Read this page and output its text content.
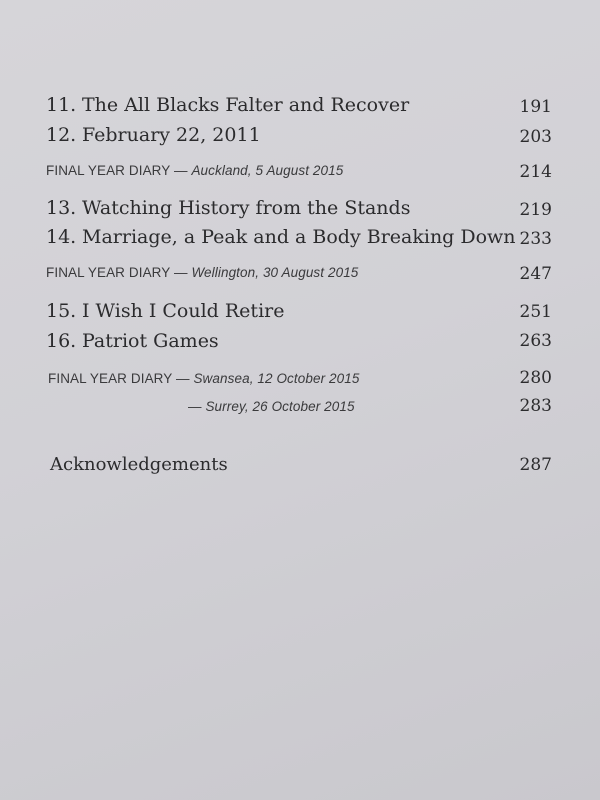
11. The All Blacks Falter and Recover	191
12. February 22, 2011	203
FINAL YEAR DIARY — Auckland, 5 August 2015	214
13. Watching History from the Stands	219
14. Marriage, a Peak and a Body Breaking Down 233
FINAL YEAR DIARY — Wellington, 30 August 2015	247
15. I Wish I Could Retire	251
16. Patriot Games	263
FINAL YEAR DIARY — Swansea, 12 October 2015	280
— Surrey, 26 October 2015	283
Acknowledgements	287
